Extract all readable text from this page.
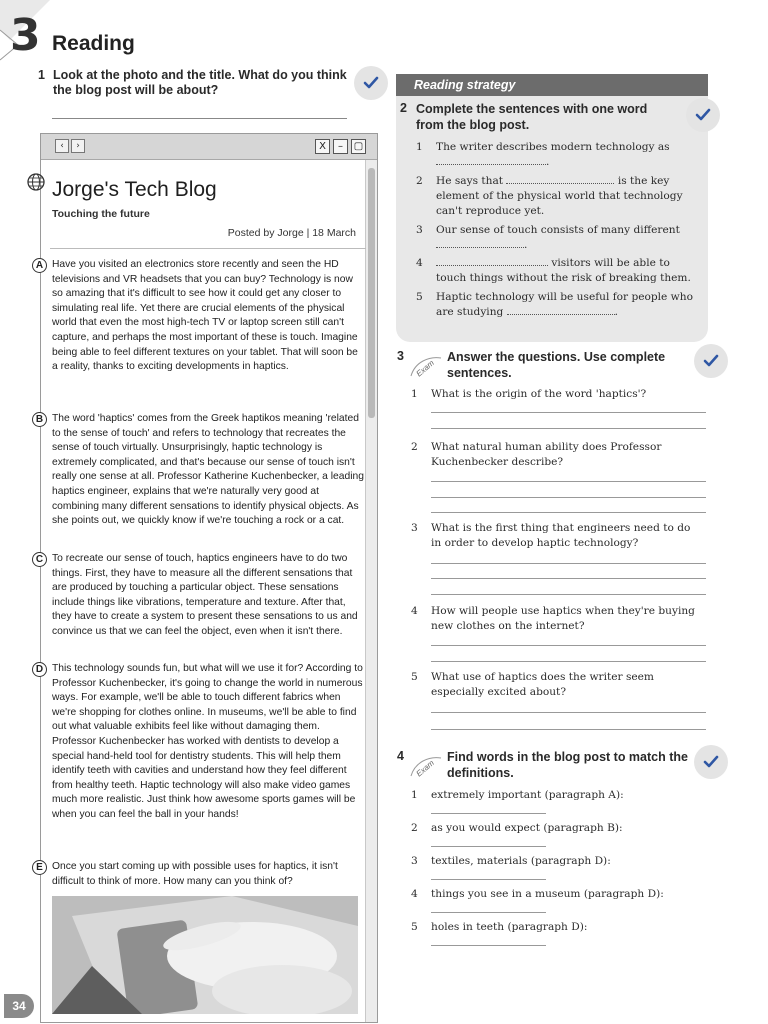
3 Reading
1 Look at the photo and the title. What do you think the blog post will be about?
‹	›	X	–	▢
Jorge's Tech Blog
Touching the future
Posted by Jorge | 18 March
A Have you visited an electronics store recently and seen the HD televisions and VR headsets that you can buy? Technology is now so amazing that it's difficult to see how it could get any closer to simulating real life. Yet there are crucial elements of the physical world that even the most high-tech TV or laptop screen still can't capture, and perhaps the most important of these is touch. Imagine being able to feel different textures on your tablet. That will soon be a reality, thanks to exciting developments in haptics.
B The word 'haptics' comes from the Greek haptikos meaning 'related to the sense of touch' and refers to technology that recreates the sense of touch virtually. Unsurprisingly, haptic technology is extremely complicated, and that's because our sense of touch isn't really one sense at all. Professor Katherine Kuchenbecker, a leading haptics engineer, explains that we're naturally very good at combining many different sensations to identify physical objects. As she points out, we quickly know if we're touching a rock or a cat.
C To recreate our sense of touch, haptics engineers have to do two things. First, they have to measure all the different sensations that are produced by touching a particular object. These sensations include things like vibrations, temperature and texture. After that, they have to create a system to present these sensations to us and convince us that we can feel the object, even when it isn't there.
D This technology sounds fun, but what will we use it for? According to Professor Kuchenbecker, it's going to change the world in numerous ways. For example, we'll be able to touch different fabrics when we're shopping for clothes online. In museums, we'll be able to find out what valuable exhibits feel like without damaging them. Professor Kuchenbecker has worked with dentists to develop a special hand-held tool for dentistry students. This will help them identify teeth with cavities and understand how they feel different from healthy teeth. Haptic technology will also make video games much more realistic. Just think how awesome sports games will be when you can feel the ball in your hands!
E Once you start coming up with possible uses for haptics, it isn't difficult to think of more. How many can you think of?
34
Reading strategy
2 Complete the sentences with one word from the blog post.
1	The writer describes modern technology as .
2	He says that	is the key element of the physical world that technology can't reproduce yet.
3	Our sense of touch consists of many different .
4	visitors will be able to touch things without the risk of breaking them.
5	Haptic technology will be useful for people who are studying	.
3
Exam
Answer the questions. Use complete sentences.
1	What is the origin of the word 'haptics'?
2	What natural human ability does Professor Kuchenbecker describe?
3	What is the first thing that engineers need to do in order to develop haptic technology?
4	How will people use haptics when they're buying new clothes on the internet?
5	What use of haptics does the writer seem especially excited about?
4
Exam
Find words in the blog post to match the definitions.
1	extremely important (paragraph A):
2	as you would expect (paragraph B):
3	textiles, materials (paragraph D):
4	things you see in a museum (paragraph D):
5	holes in teeth (paragraph D):
